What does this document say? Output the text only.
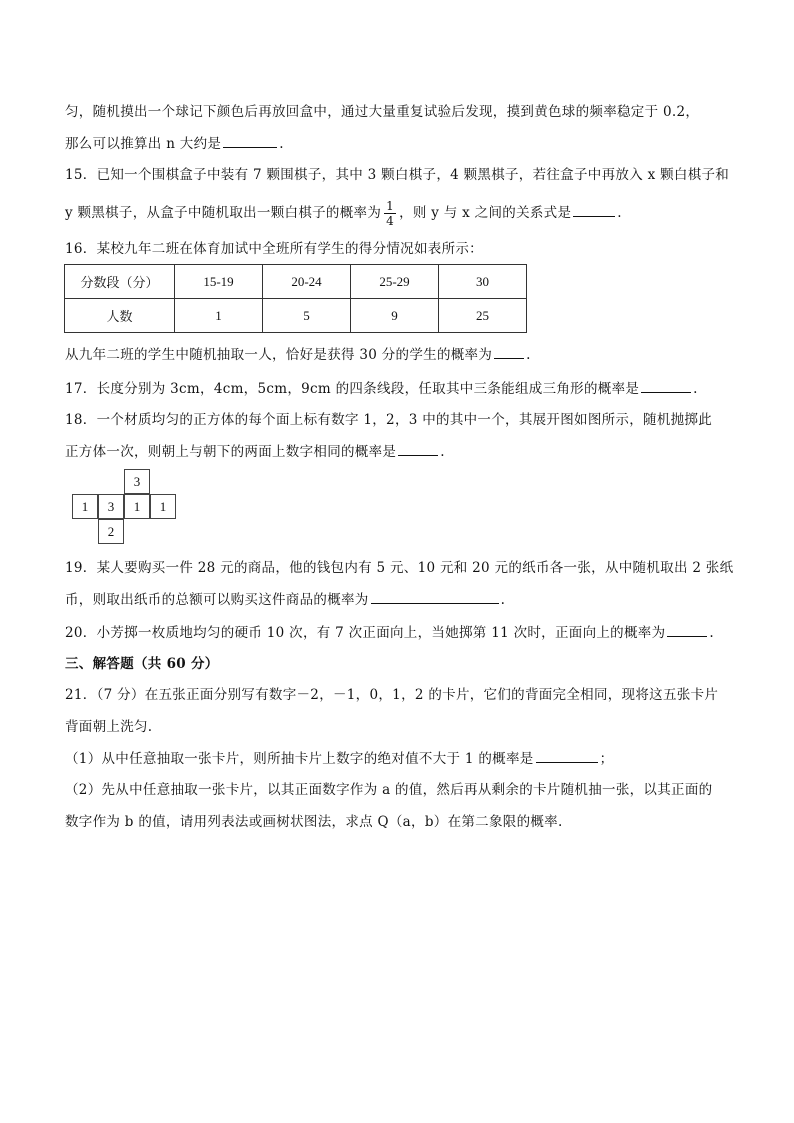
匀，随机摸出一个球记下颜色后再放回盒中，通过大量重复试验后发现，摸到黄色球的频率稳定于 0.2，
那么可以推算出 n 大约是	.
15．已知一个围棋盒子中装有 7 颗围棋子，其中 3 颗白棋子，4 颗黑棋子，若往盒子中再放入 x 颗白棋子和
y 颗黑棋子，从盒子中随机取出一颗白棋子的概率为 $\frac{1}{4}$ ，则 y 与 x 之间的关系式是	.
16．某校九年二班在体育加试中全班所有学生的得分情况如表所示：
分数段（分）	15-19	20-24	25-29	30
人数	1	5	9	25
从九年二班的学生中随机抽取一人，恰好是获得 30 分的学生的概率为	.
17．长度分别为 3cm，4cm，5cm，9cm 的四条线段，任取其中三条能组成三角形的概率是	.
18．一个材质均匀的正方体的每个面上标有数字 1，2，3 中的其中一个，其展开图如图所示，随机抛掷此
正方体一次，则朝上与朝下的两面上数字相同的概率是	.
3
1	3	1	1
2
19．某人要购买一件 28 元的商品，他的钱包内有 5 元、10 元和 20 元的纸币各一张，从中随机取出 2 张纸
币，则取出纸币的总额可以购买这件商品的概率为	.
20．小芳掷一枚质地均匀的硬币 10 次，有 7 次正面向上，当她掷第 11 次时，正面向上的概率为	.
三、解答题（共 60 分）
21．（7 分）在五张正面分别写有数字－2，－1，0，1，2 的卡片，它们的背面完全相同，现将这五张卡片
背面朝上洗匀.
（1）从中任意抽取一张卡片，则所抽卡片上数字的绝对值不大于 1 的概率是	；
（2）先从中任意抽取一张卡片，以其正面数字作为 a 的值，然后再从剩余的卡片随机抽一张，以其正面的
数字作为 b 的值，请用列表法或画树状图法，求点 Q（a，b）在第二象限的概率.
